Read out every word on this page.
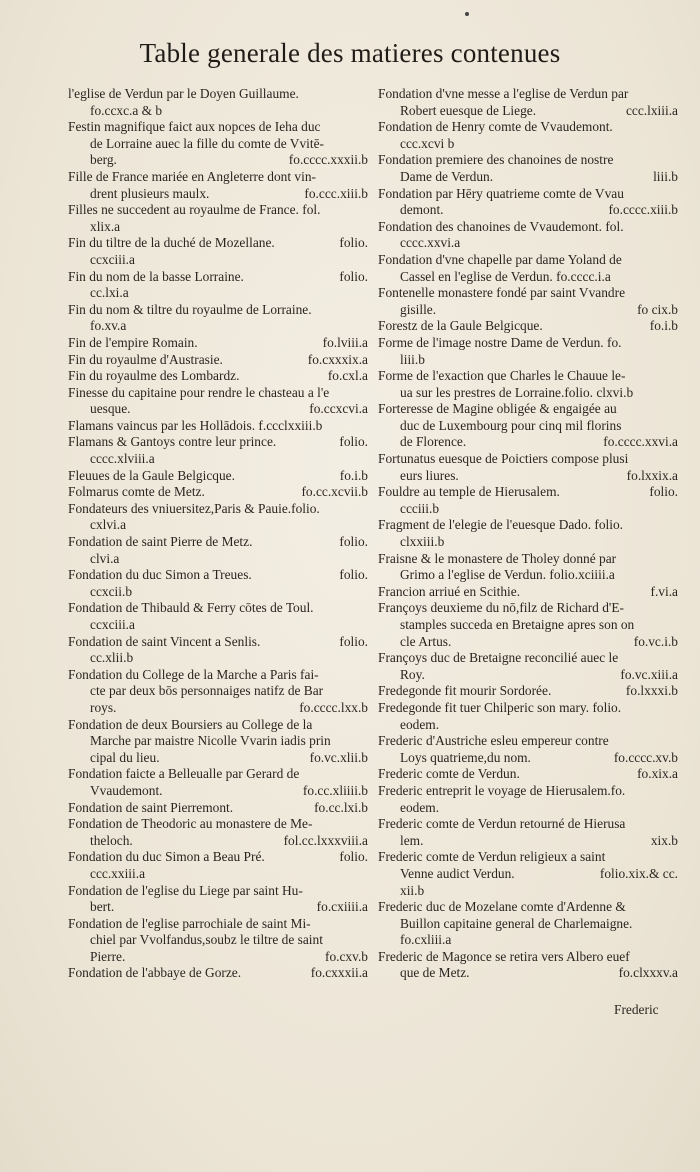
Table generale des matieres contenues
l'eglise de Verdun par le Doyen Guillaume.
fo.ccxc.a & b
Festin magnifique faict aux nopces de Ieha duc
de Lorraine auec la fille du comte de Vvitē-
berg.	fo.cccc.xxxii.b
Fille de France mariée en Angleterre dont vin-
drent plusieurs maulx.	fo.ccc.xiii.b
Filles ne succedent au royaulme de France. fol.
xlix.a
Fin du tiltre de la duché de Mozellane.	folio.
ccxciii.a
Fin du nom de la basse Lorraine.	folio.
cc.lxi.a
Fin du nom & tiltre du royaulme de Lorraine.
fo.xv.a
Fin de l'empire Romain.	fo.lviii.a
Fin du royaulme d'Austrasie.	fo.cxxxix.a
Fin du royaulme des Lombardz.	fo.cxl.a
Finesse du capitaine pour rendre le chasteau a l'e
uesque.	fo.ccxcvi.a
Flamans vaincus par les Hollādois. f.ccclxxiii.b
Flamans & Gantoys contre leur prince.	folio.
cccc.xlviii.a
Fleuues de la Gaule Belgicque.	fo.i.b
Folmarus comte de Metz.	fo.cc.xcvii.b
Fondateurs des vniuersitez,Paris & Pauie.folio.
cxlvi.a
Fondation de saint Pierre de Metz.	folio.
clvi.a
Fondation du duc Simon a Treues.	folio.
ccxcii.b
Fondation de Thibauld & Ferry cōtes de Toul.
ccxciii.a
Fondation de saint Vincent a Senlis.	folio.
cc.xlii.b
Fondation du College de la Marche a Paris fai-
cte par deux bōs personnaiges natifz de Bar
roys.	fo.cccc.lxx.b
Fondation de deux Boursiers au College de la
Marche par maistre Nicolle Vvarin iadis prin
cipal du lieu.	fo.vc.xlii.b
Fondation faicte a Belleualle par Gerard de
Vvaudemont.	fo.cc.xliiii.b
Fondation de saint Pierremont.	fo.cc.lxi.b
Fondation de Theodoric au monastere de Me-
theloch.	fol.cc.lxxxviii.a
Fondation du duc Simon a Beau Pré.	folio.
ccc.xxiii.a
Fondation de l'eglise du Liege par saint Hu-
bert.	fo.cxiiii.a
Fondation de l'eglise parrochiale de saint Mi-
chiel par Vvolfandus,soubz le tiltre de saint
Pierre.	fo.cxv.b
Fondation de l'abbaye de Gorze.	fo.cxxxii.a
Fondation d'vne messe a l'eglise de Verdun par
Robert euesque de Liege.	ccc.lxiii.a
Fondation de Henry comte de Vvaudemont.
ccc.xcvi b
Fondation premiere des chanoines de nostre
Dame de Verdun.	liii.b
Fondation par Hēry quatrieme comte de Vvau
demont.	fo.cccc.xiii.b
Fondation des chanoines de Vvaudemont. fol.
cccc.xxvi.a
Fondation d'vne chapelle par dame Yoland de
Cassel en l'eglise de Verdun. fo.cccc.i.a
Fontenelle monastere fondé par saint Vvandre
gisille.	fo cix.b
Forestz de la Gaule Belgicque.	fo.i.b
Forme de l'image nostre Dame de Verdun. fo.
liii.b
Forme de l'exaction que Charles le Chauue le-
ua sur les prestres de Lorraine.folio. clxvi.b
Forteresse de Magine obligée & engaigée au
duc de Luxembourg pour cinq mil florins
de Florence.	fo.cccc.xxvi.a
Fortunatus euesque de Poictiers compose plusi
eurs liures.	fo.lxxix.a
Fouldre au temple de Hierusalem.	folio.
ccciii.b
Fragment de l'elegie de l'euesque Dado. folio.
clxxiii.b
Fraisne & le monastere de Tholey donné par
Grimo a l'eglise de Verdun. folio.xciiii.a
Francion arriué en Scithie.	f.vi.a
Françoys deuxieme du nō,filz de Richard d'E-
stamples succeda en Bretaigne apres son on
cle Artus.	fo.vc.i.b
Françoys duc de Bretaigne reconcilié auec le
Roy.	fo.vc.xiii.a
Fredegonde fit mourir Sordorée.	fo.lxxxi.b
Fredegonde fit tuer Chilperic son mary. folio.
eodem.
Frederic d'Austriche esleu empereur contre
Loys quatrieme,du nom.	fo.cccc.xv.b
Frederic comte de Verdun.	fo.xix.a
Frederic entreprit le voyage de Hierusalem.fo.
eodem.
Frederic comte de Verdun retourné de Hierusa
lem.	xix.b
Frederic comte de Verdun religieux a saint
Venne audict Verdun.	folio.xix.& cc.
xii.b
Frederic duc de Mozelane comte d'Ardenne &
Buillon capitaine general de Charlemaigne.
fo.cxliii.a
Frederic de Magonce se retira vers Albero euef
que de Metz.	fo.clxxxv.a
Frederic
